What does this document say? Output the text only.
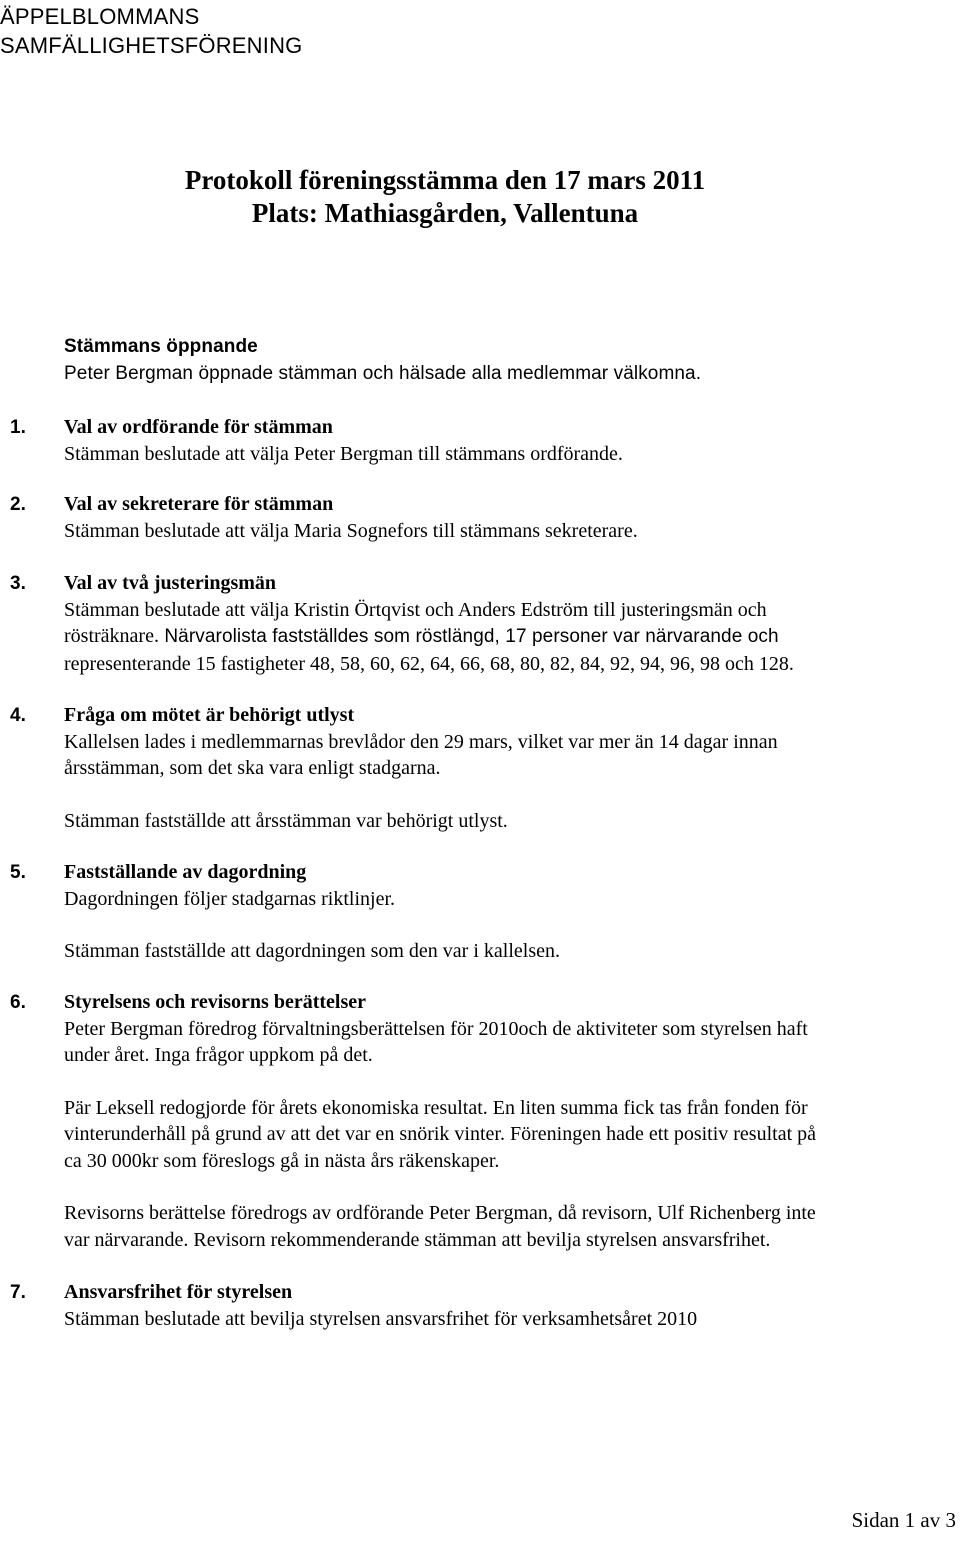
ÄPPELBLOMMANS
SAMFÄLLIGHETSFÖRENING
Protokoll föreningsstämma den 17 mars 2011
Plats: Mathiasgården, Vallentuna
Stämmans öppnande
Peter Bergman öppnade stämman och hälsade alla medlemmar välkomna.
1. Val av ordförande för stämman
Stämman beslutade att välja Peter Bergman till stämmans ordförande.
2. Val av sekreterare för stämman
Stämman beslutade att välja Maria Sognefors till stämmans sekreterare.
3. Val av två justeringsmän
Stämman beslutade att välja Kristin Örtqvist och Anders Edström till justeringsmän och
rösträknare. Närvarolista fastställdes som röstlängd, 17 personer var närvarande och
representerande 15 fastigheter 48, 58, 60, 62, 64, 66, 68, 80, 82, 84, 92, 94, 96, 98 och 128.
4. Fråga om mötet är behörigt utlyst
Kallelsen lades i medlemmarnas brevlådor den 29 mars, vilket var mer än 14 dagar innan
årsstämman, som det ska vara enligt stadgarna.
Stämman fastställde att årsstämman var behörigt utlyst.
5. Fastställande av dagordning
Dagordningen följer stadgarnas riktlinjer.
Stämman fastställde att dagordningen som den var i kallelsen.
6. Styrelsens och revisorns berättelser
Peter Bergman föredrog förvaltningsberättelsen för 2010och de aktiviteter som styrelsen haft
under året. Inga frågor uppkom på det.
Pär Leksell redogjorde för årets ekonomiska resultat. En liten summa fick tas från fonden för
vinterunderhåll på grund av att det var en snörik vinter. Föreningen hade ett positiv resultat på
ca 30 000kr som föreslogs gå in nästa års räkenskaper.
Revisorns berättelse föredrogs av ordförande Peter Bergman, då revisorn, Ulf Richenberg inte
var närvarande. Revisorn rekommenderande stämman att bevilja styrelsen ansvarsfrihet.
7. Ansvarsfrihet för styrelsen
Stämman beslutade att bevilja styrelsen ansvarsfrihet för verksamhetsåret 2010
Sidan 1 av 3
